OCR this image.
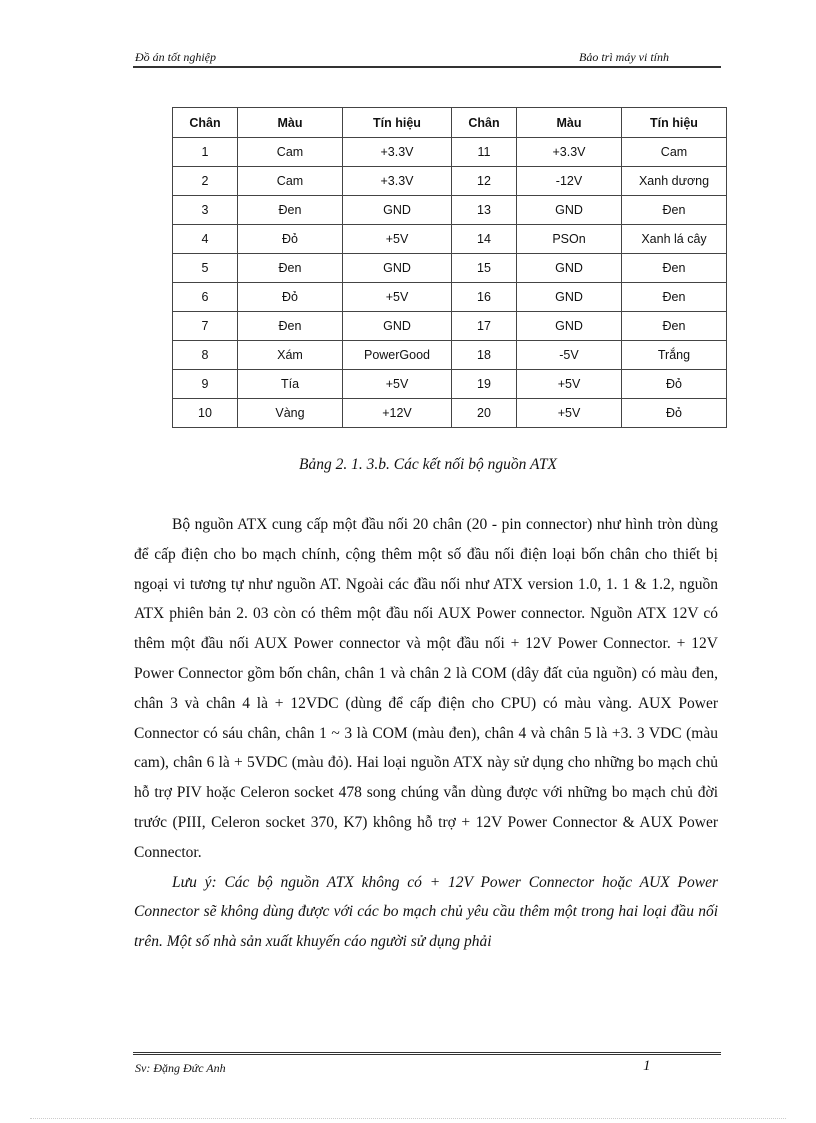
Đồ án tốt nghiệp	Bảo trì máy vi tính
Chân	Màu	Tín hiệu	Chân	Màu	Tín hiệu
1	Cam	+3.3V	11	+3.3V	Cam
2	Cam	+3.3V	12	-12V	Xanh dương
3	Đen	GND	13	GND	Đen
4	Đỏ	+5V	14	PSOn	Xanh lá cây
5	Đen	GND	15	GND	Đen
6	Đỏ	+5V	16	GND	Đen
7	Đen	GND	17	GND	Đen
8	Xám	PowerGood	18	-5V	Trắng
9	Tía	+5V	19	+5V	Đỏ
10	Vàng	+12V	20	+5V	Đỏ
Bảng 2. 1. 3.b. Các kết nối bộ nguồn ATX

Bộ nguồn ATX cung cấp một đầu nối 20 chân (20 - pin connector) như hình tròn dùng để cấp điện cho bo mạch chính, cộng thêm một số đầu nối điện loại bốn chân cho thiết bị ngoại vi tương tự như nguồn AT. Ngoài các đầu nối như ATX version 1.0, 1. 1 & 1.2, nguồn ATX phiên bản 2. 03 còn có thêm một đầu nối AUX Power connector. Nguồn ATX 12V có thêm một đầu nối AUX Power connector và một đầu nối + 12V Power Connector. + 12V Power Connector gồm bốn chân, chân 1 và chân 2 là COM (dây đất của nguồn) có màu đen, chân 3 và chân 4 là + 12VDC (dùng để cấp điện cho CPU) có màu vàng. AUX Power Connector có sáu chân, chân 1 ~ 3 là COM (màu đen), chân 4 và chân 5 là +3. 3 VDC (màu cam), chân 6 là + 5VDC (màu đỏ). Hai loại nguồn ATX này sử dụng cho những bo mạch chủ hỗ trợ PIV hoặc Celeron socket 478 song chúng vẫn dùng được với những bo mạch chủ đời trước (PIII, Celeron socket 370, K7) không hỗ trợ + 12V Power Connector & AUX Power Connector.

Lưu ý: Các bộ nguồn ATX không có + 12V Power Connector hoặc AUX Power Connector sẽ không dùng được với các bo mạch chủ yêu cầu thêm một trong hai loại đầu nối trên. Một số nhà sản xuất khuyến cáo người sử dụng phải

Sv: Đặng Đức Anh	1
